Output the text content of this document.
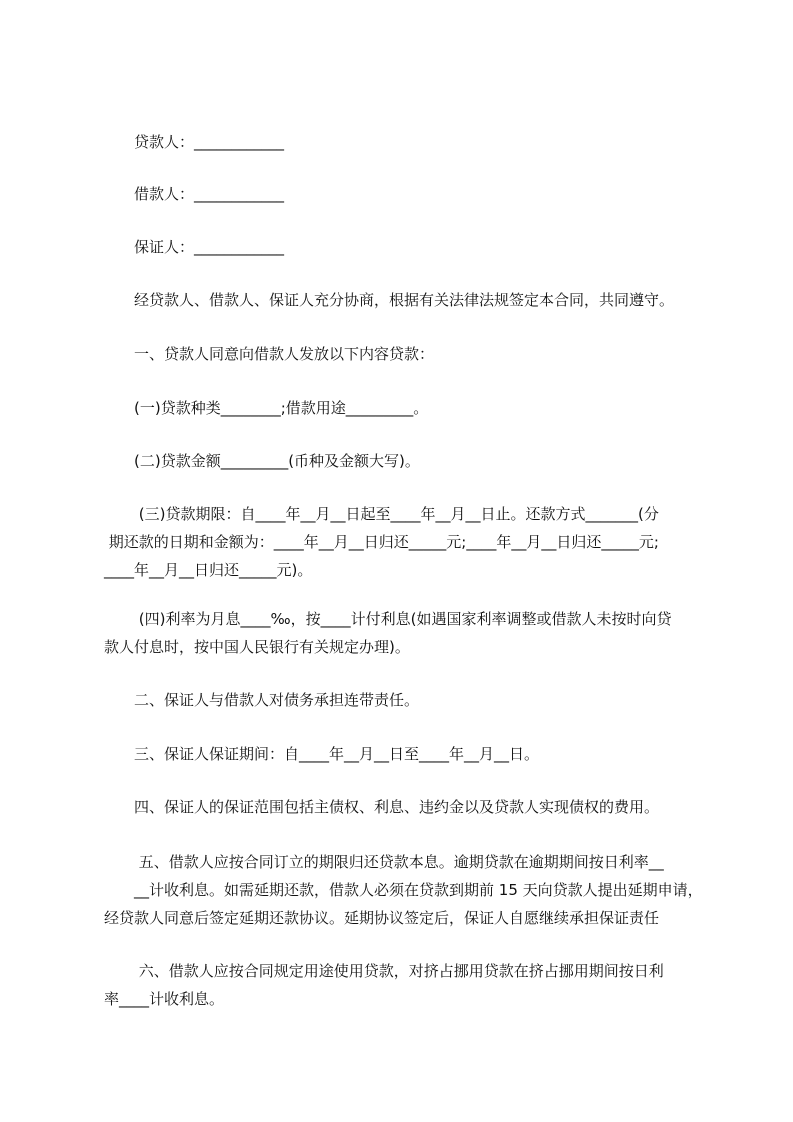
　　贷款人：____________
　　借款人：____________
　　保证人：____________
　　经贷款人、借款人、保证人充分协商，根据有关法律法规签定本合同，共同遵守。
　　一、贷款人同意向借款人发放以下内容贷款：
　　(一)贷款种类________;借款用途_________。
　　(二)贷款金额_________(币种及金额大写)。
　　 (三)贷款期限：自____年__月__日起至____年__月__日止。还款方式_______(分
期还款的日期和金额为：____年__月__日归还_____元;____年__月__日归还_____元;
____年__月__日归还_____元)。
　　 (四)利率为月息____‰，按____计付利息(如遇国家利率调整或借款人未按时向贷
款人付息时，按中国人民银行有关规定办理)。
　　二、保证人与借款人对债务承担连带责任。
　　三、保证人保证期间：自____年__月__日至____年__月__日。
　　四、保证人的保证范围包括主债权、利息、违约金以及贷款人实现债权的费用。
　　 五、借款人应按合同订立的期限归还贷款本息。逾期贷款在逾期期间按日利率__
　　__计收利息。如需延期还款，借款人必须在贷款到期前 15 天向贷款人提出延期申请，
经贷款人同意后签定延期还款协议。延期协议签定后，保证人自愿继续承担保证责任
　　 六、借款人应按合同规定用途使用贷款，对挤占挪用贷款在挤占挪用期间按日利
率____计收利息。
